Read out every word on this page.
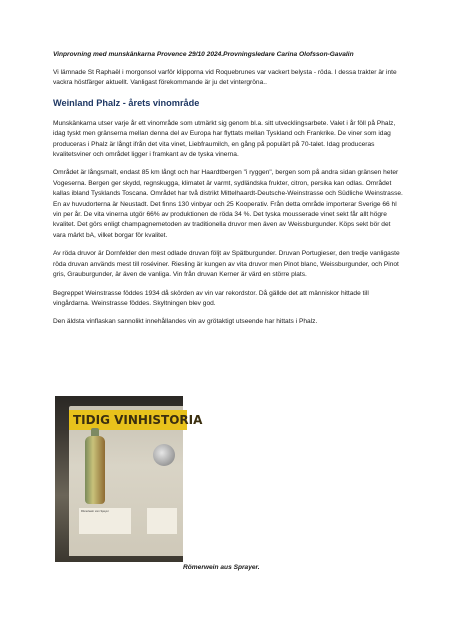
Vinprovning med munskänkarna Provence 29/10 2024.Provningsledare Carina Olofsson-Gavalin

Vi lämnade St Raphaël i morgonsol varför klipporna vid Roquebrunes var vackert belysta - röda. I dessa trakter är inte vackra höstfärger aktuellt. Vanligast förekommande är ju det vintergröna..

Weinland Phalz - årets vinområde

Munskänkarna utser varje år ett vinområde som utmärkt sig genom bl.a. sitt utvecklingsarbete. Valet i år föll på Phalz, idag tyskt men gränserna mellan denna del av Europa har flyttats mellan Tyskland och Frankrike. De viner som idag produceras i Phalz är långt ifrån det vita vinet, Liebfraumilch, en gång på populärt på 70-talet. Idag produceras kvalitetsviner och området ligger i framkant av de tyska vinerna.

Området är långsmalt, endast 85 km långt och har Haardtbergen "i ryggen", bergen som på andra sidan gränsen heter Vogeserna. Bergen ger skydd, regnskugga, klimatet är varmt, sydländska frukter, citron, persika kan odlas. Området kallas ibland Tysklands Toscana. Området har två distrikt Mittelhaardt-Deutsche-Weinstrasse och Südliche Weinstrasse. En av huvudorterna är Neustadt. Det finns 130 vinbyar och 25 Kooperativ. Från detta område importerar Sverige 66 hl vin per år. De vita vinerna utgör 66% av produktionen de röda 34 %. Det tyska mousserade vinet sekt får allt högre kvalitet. Det görs enligt champagnemetoden av traditionella druvor men även av Weissburgunder. Köps sekt bör det vara märkt bA, vilket borgar för kvalitet.

Av röda druvor är Dornfelder den mest odlade druvan följt av Spätburgunder. Druvan Portugieser, den tredje vanligaste röda druvan används mest till roséviner. Riesling är kungen av vita druvor men Pinot blanc, Weissburgunder, och Pinot gris, Grauburgunder, är även de vanliga. Vin från druvan Kerner är värd en större plats.

Begreppet Weinstrasse föddes 1934 då skörden av vin var rekordstor. Då gällde det att människor hittade till vingårdarna. Weinstrasse föddes. Skyltningen blev god.

Den äldsta vinflaskan sannolikt innehållandes vin av grötaktigt utseende har hittats i Phalz.

TIDIG VINHISTORIA
Römerwein vom Speyer
Römerwein aus Sprayer.
